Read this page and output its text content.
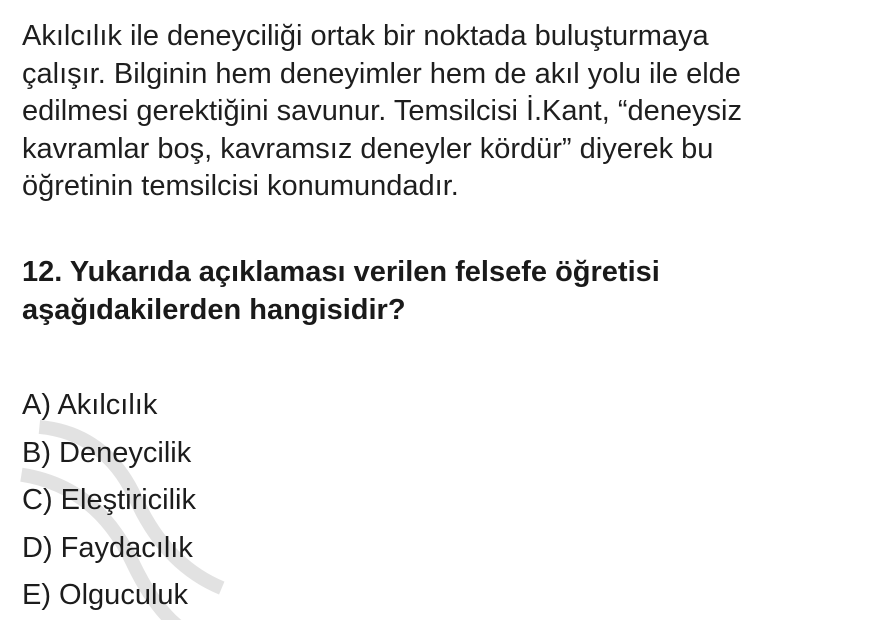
Akılcılık ile deneyciliği ortak bir noktada buluşturmaya
çalışır. Bilginin hem deneyimler hem de akıl yolu ile elde
edilmesi gerektiğini savunur. Temsilcisi İ.Kant, “deneysiz
kavramlar boş, kavramsız deneyler kördür” diyerek bu
öğretinin temsilcisi konumundadır.

12. Yukarıda açıklaması verilen felsefe öğretisi
aşağıdakilerden hangisidir?

A) Akılcılık
B) Deneycilik
C) Eleştiricilik
D) Faydacılık
E) Olguculuk
